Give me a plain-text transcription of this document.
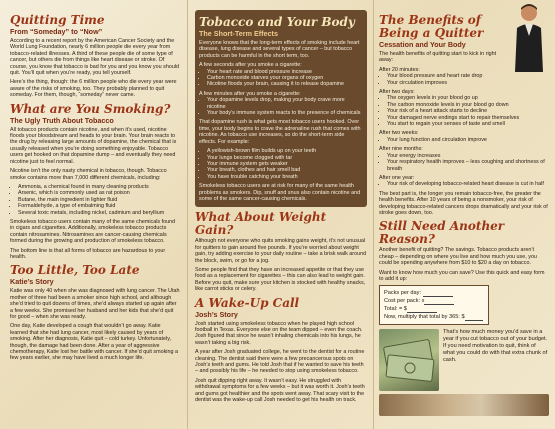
Quitting Time
From “Someday” to “Now”

According to a recent report by the American Cancer Society and the World Lung Foundation, nearly 6 million people die every year from tobacco-related illnesses. A third of these people die of some type of cancer, but others die from things like heart disease or stroke. Of course, you know that tobacco is bad for you and you know you should quit. You’ll quit when you’re ready, you tell yourself.

Here’s the thing, though: the 6 million people who die every year were aware of the risks of smoking, too. They probably planned to quit someday. For them, though, “someday” never came.

What are You Smoking?
The Ugly Truth About Tobacco

All tobacco products contain nicotine, and when it’s used, nicotine floods your bloodstream and heads to your brain. Your brain reacts to the drug by releasing large amounts of dopamine, the chemical that is usually released when you’re doing something enjoyable. Tobacco users get hooked on that dopamine dump – and eventually they need nicotine just to feel normal.

Nicotine isn’t the only nasty chemical in tobacco, though. Tobacco smoke contains more than 7,000 different chemicals, including:

• Ammonia, a chemical found in many cleaning products
• Arsenic, which is commonly used as rat poison
• Butane, the main ingredient in lighter fluid
• Formaldehyde, a type of embalming fluid
• Several toxic metals, including nickel, cadmium and beryllium

Smokeless tobacco users contain many of the same chemicals found in cigars and cigarettes. Additionally, smokeless tobacco products contain nitrosamines. Nitrosamines are cancer-causing chemicals formed during the growing and production of smokeless tobacco.

The bottom line is that all forms of tobacco are hazardous to your health.

Too Little, Too Late
Katie’s Story

Katie was only 40 when she was diagnosed with lung cancer. The Utah mother of three had been a smoker since high school, and although she’d tried to quit dozens of times, she’d always started up again after a few weeks. She promised her husband and her kids that she’d quit for good – when she was ready.

One day, Katie developed a cough that wouldn’t go away. Katie learned that she had lung cancer, most likely caused by years of smoking. After her diagnosis, Katie quit – cold turkey. Unfortunately, though, the damage had been done. After a year of aggressive chemotherapy, Katie lost her battle with cancer. If she’d quit smoking a few years earlier, she may have lived a much longer life.

Tobacco and Your Body
The Short-Term Effects

Everyone knows that the long-term effects of smoking include heart disease, lung disease and several types of cancer – but tobacco products can be harmful in the short term, too.

A few seconds after you smoke a cigarette:

• Your heart rate and blood pressure increase
• Carbon monoxide starves your organs of oxygen
• Nicotine floods your brain, causing it to release dopamine

A few minutes after you smoke a cigarette:

• Your dopamine levels drop, making your body crave more nicotine
• Your body’s immune system reacts to the presence of chemicals

That dopamine rush is what gets most tobacco users hooked. Over time, your body begins to crave the adrenaline rush that comes with nicotine. As tobacco use increases, so do the short-term side effects. For example:

• A yellowish-brown film builds up on your teeth
• Your lungs become clogged with tar
• Your immune system gets weaker
• Your breath, clothes and hair smell bad
• You have trouble catching your breath

Smokeless tobacco users are at risk for many of the same health problems as smokers. Dip, snuff and snus also contain nicotine and some of the same cancer-causing chemicals.

What About Weight Gain?

Although not everyone who quits smoking gains weight, it’s not unusual for quitters to gain around five pounds. If you’re worried about weight gain, try adding exercise to your daily routine – take a brisk walk around the block, swim, or go for a jog.

Some people find that they have an increased appetite or that they use food as a replacement for cigarettes – this can also lead to weight gain. Before you quit, make sure your kitchen is stocked with healthy snacks, like carrot sticks or celery.

A Wake-Up Call
Josh’s Story

Josh started using smokeless tobacco when he played high school football in Texas. Everyone else on the team dipped – even the coach. Josh figured that since he wasn’t inhaling chemicals into his lungs, he wasn’t taking a big risk.

A year after Josh graduated college, he went to the dentist for a routine cleaning. The dentist said there were a few precancerous spots on Josh’s teeth and gums. He told Josh that if he wanted to save his teeth – and possibly his life – he needed to stop using smokeless tobacco.

Josh quit dipping right away. It wasn’t easy. He struggled with withdrawal symptoms for a few weeks – but it was worth it. Josh’s teeth and gums got healthier and the spots went away. That scary visit to the dentist was the wake-up call Josh needed to get his health on track.

The Benefits of Being a Quitter
Cessation and Your Body

The health benefits of quitting start to kick in right away:

After 20 minutes:

• Your blood pressure and heart rate drop
• Your circulation improves

After two days:

• The oxygen levels in your blood go up
• The carbon monoxide levels in your blood go down
• Your risk of a heart attack starts to decline
• Your damaged nerve endings start to repair themselves
• You start to regain your senses of taste and smell

After two weeks:

• Your lung function and circulation improve

After nine months:

• Your energy increases
• Your respiratory health improves – less coughing and shortness of breath

After one year:

• Your risk of developing tobacco-related heart disease is cut in half

The best part is, the longer you remain tobacco-free, the greater the health benefits. After 10 years of being a nonsmoker, your risk of developing tobacco-related cancers drops dramatically and your risk of stroke goes down, too.

Still Need Another Reason?

Another benefit of quitting? The savings. Tobacco products aren’t cheap – depending on where you live and how much you use, you could be spending anywhere from $10 to $20 a day on tobacco.

Want to know how much you can save? Use this quick and easy form to add it up:

Packs per day:
Cost per pack: x
Total: = $
Now, multiply that total by 365: $
That’s how much money you’d save in a year if you cut tobacco out of your budget. If you need motivation to quit, think of what you could do with that extra chunk of cash.
